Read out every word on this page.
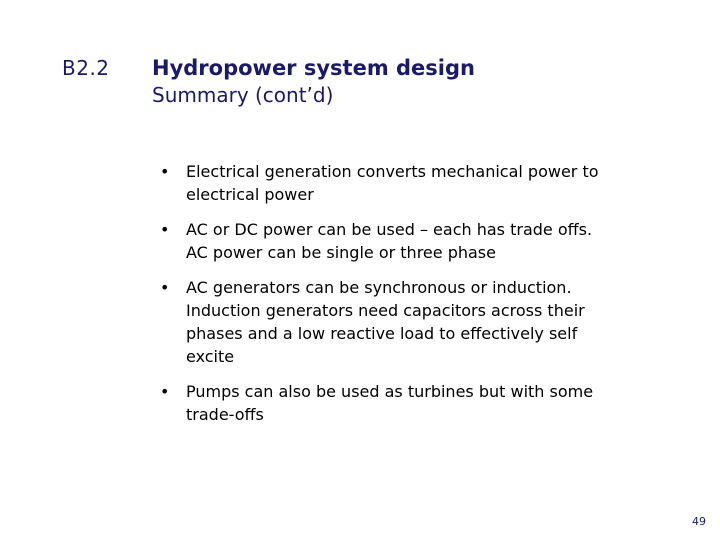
B2.2 Hydropower system design
Summary (cont’d)
• Electrical generation converts mechanical power to
electrical power
• AC or DC power can be used – each has trade offs.
AC power can be single or three phase
• AC generators can be synchronous or induction.
Induction generators need capacitors across their
phases and a low reactive load to effectively self
excite
• Pumps can also be used as turbines but with some
trade-offs
49
